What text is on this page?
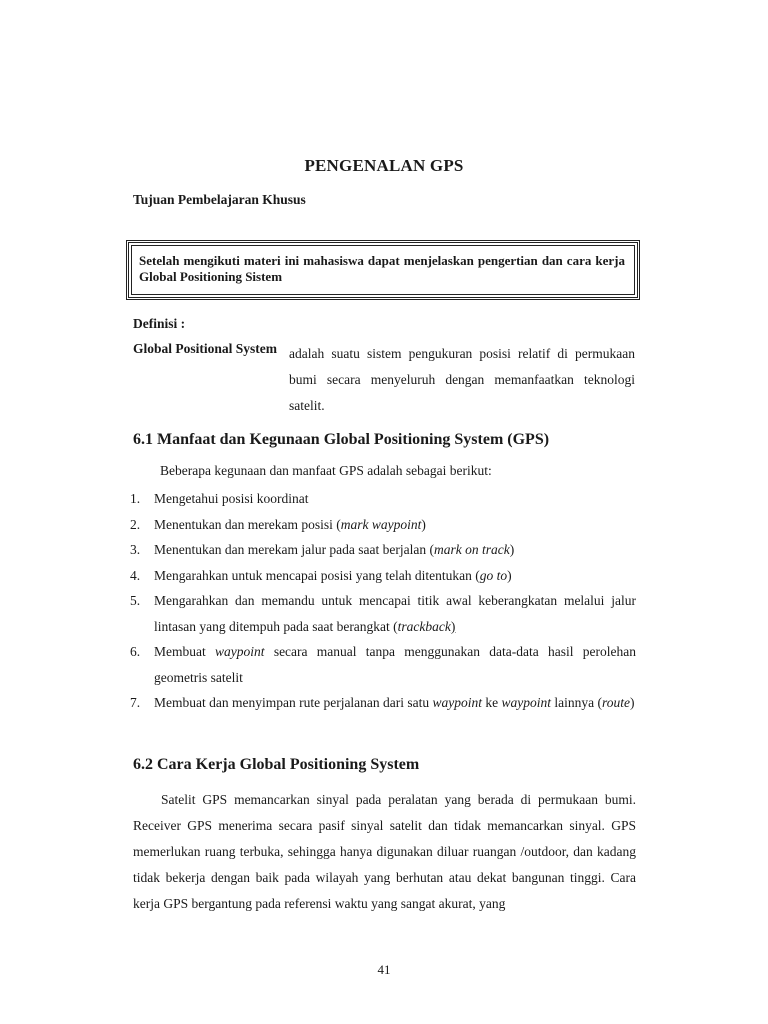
PENGENALAN GPS
Tujuan Pembelajaran Khusus
Setelah mengikuti materi ini mahasiswa dapat menjelaskan pengertian dan cara kerja Global Positioning Sistem
Definisi :
Global Positional System adalah suatu sistem pengukuran posisi relatif di permukaan bumi secara menyeluruh dengan memanfaatkan teknologi satelit.
6.1 Manfaat dan Kegunaan Global Positioning System (GPS)
Beberapa kegunaan dan manfaat GPS adalah sebagai berikut:
1. Mengetahui posisi koordinat
2. Menentukan dan merekam posisi (mark waypoint)
3. Menentukan dan merekam jalur pada saat berjalan (mark on track)
4. Mengarahkan untuk mencapai posisi yang telah ditentukan (go to)
5. Mengarahkan dan memandu untuk mencapai titik awal keberangkatan melalui jalur lintasan yang ditempuh pada saat berangkat (trackback)
6. Membuat waypoint secara manual tanpa menggunakan data-data hasil perolehan geometris satelit
7. Membuat dan menyimpan rute perjalanan dari satu waypoint ke waypoint lainnya (route)
6.2 Cara Kerja Global Positioning System
Satelit GPS memancarkan sinyal pada peralatan yang berada di permukaan bumi. Receiver GPS menerima secara pasif sinyal satelit dan tidak memancarkan sinyal. GPS memerlukan ruang terbuka, sehingga hanya digunakan diluar ruangan /outdoor, dan kadang tidak bekerja dengan baik pada wilayah yang berhutan atau dekat bangunan tinggi. Cara kerja GPS bergantung pada referensi waktu yang sangat akurat, yang
41
